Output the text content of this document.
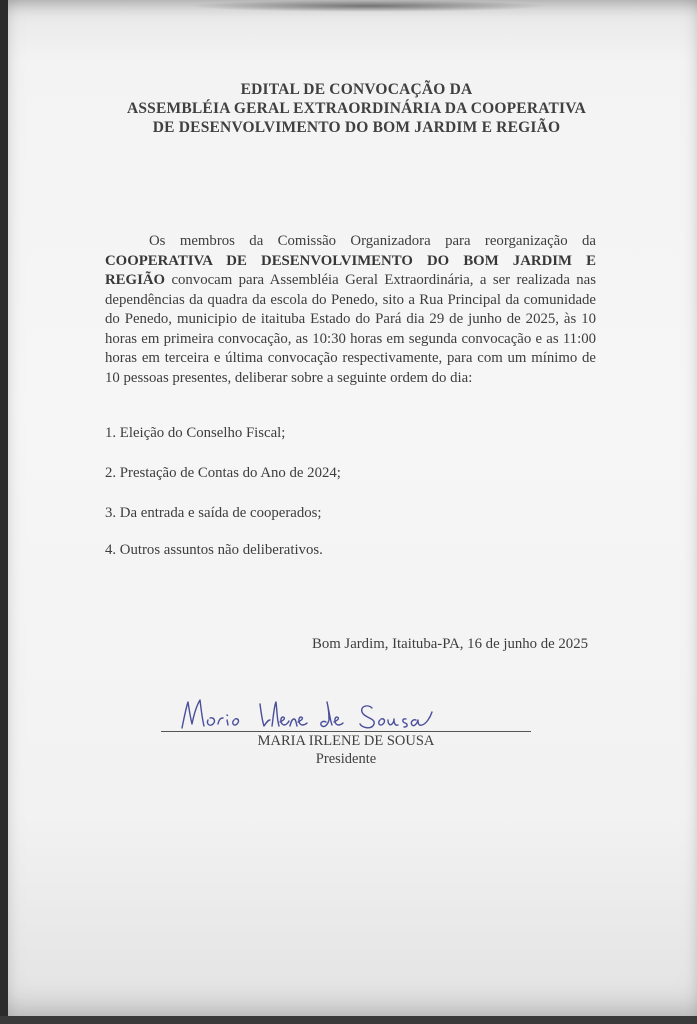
EDITAL DE CONVOCAÇÃO DA
ASSEMBLÉIA GERAL EXTRAORDINÁRIA DA COOPERATIVA
DE DESENVOLVIMENTO DO BOM JARDIM E REGIÃO
Os membros da Comissão Organizadora para reorganização da COOPERATIVA DE DESENVOLVIMENTO DO BOM JARDIM E REGIÃO convocam para Assembléia Geral Extraordinária, a ser realizada nas dependências da quadra da escola do Penedo, sito a Rua Principal da comunidade do Penedo, municipio de itaituba Estado do Pará dia 29 de junho de 2025, às 10 horas em primeira convocação, as 10:30 horas em segunda convocação e as 11:00 horas em terceira e última convocação respectivamente, para com um mínimo de 10 pessoas presentes, deliberar sobre a seguinte ordem do dia:
1. Eleição do Conselho Fiscal;
2. Prestação de Contas do Ano de 2024;
3. Da entrada e saída de cooperados;
4. Outros assuntos não deliberativos.
Bom Jardim, Itaituba-PA, 16 de junho de 2025
MARIA IRLENE DE SOUSA
Presidente
